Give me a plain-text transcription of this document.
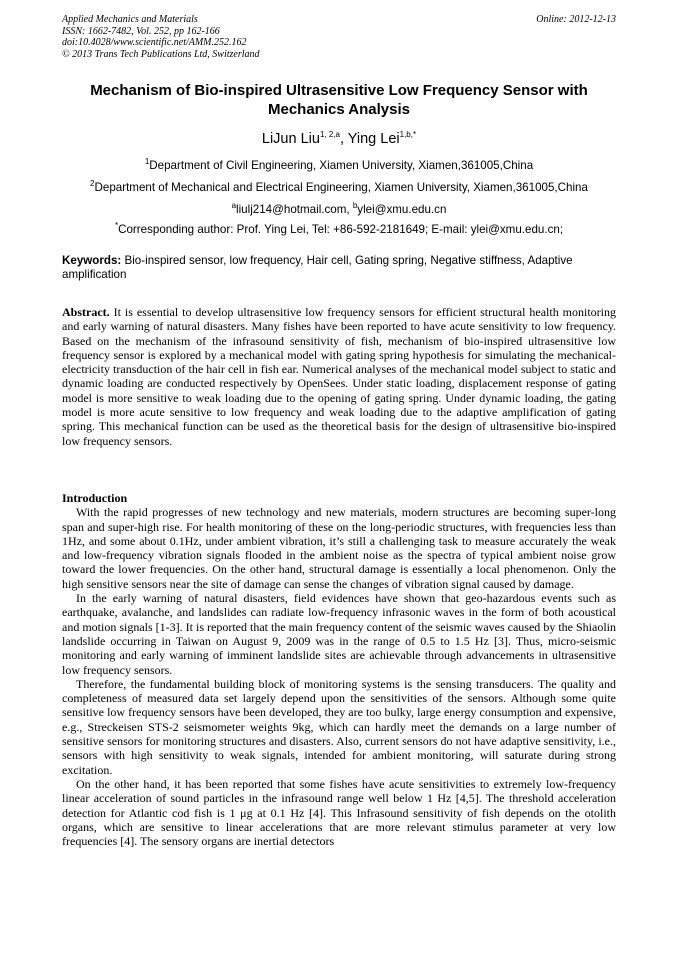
Applied Mechanics and Materials
ISSN: 1662-7482, Vol. 252, pp 162-166
doi:10.4028/www.scientific.net/AMM.252.162
© 2013 Trans Tech Publications Ltd, Switzerland
Online: 2012-12-13
Mechanism of Bio-inspired Ultrasensitive Low Frequency Sensor with Mechanics Analysis
LiJun Liu$^{1, 2,a}$, Ying Lei$^{1,b,*}$
$^1$Department of Civil Engineering, Xiamen University, Xiamen,361005,China
$^2$Department of Mechanical and Electrical Engineering, Xiamen University, Xiamen,361005,China
$^a$liulj214@hotmail.com, $^b$ylei@xmu.edu.cn
*Corresponding author: Prof. Ying Lei, Tel: +86-592-2181649; E-mail: ylei@xmu.edu.cn;
Keywords: Bio-inspired sensor, low frequency, Hair cell, Gating spring, Negative stiffness, Adaptive amplification

Abstract. It is essential to develop ultrasensitive low frequency sensors for efficient structural health monitoring and early warning of natural disasters. Many fishes have been reported to have acute sensitivity to low frequency. Based on the mechanism of the infrasound sensitivity of fish, mechanism of bio-inspired ultrasensitive low frequency sensor is explored by a mechanical model with gating spring hypothesis for simulating the mechanical-electricity transduction of the hair cell in fish ear. Numerical analyses of the mechanical model subject to static and dynamic loading are conducted respectively by OpenSees. Under static loading, displacement response of gating model is more sensitive to weak loading due to the opening of gating spring. Under dynamic loading, the gating model is more acute sensitive to low frequency and weak loading due to the adaptive amplification of gating spring. This mechanical function can be used as the theoretical basis for the design of ultrasensitive bio-inspired low frequency sensors.

Introduction

With the rapid progresses of new technology and new materials, modern structures are becoming super-long span and super-high rise. For health monitoring of these on the long-periodic structures, with frequencies less than 1Hz, and some about 0.1Hz, under ambient vibration, it’s still a challenging task to measure accurately the weak and low-frequency vibration signals flooded in the ambient noise as the spectra of typical ambient noise grow toward the lower frequencies. On the other hand, structural damage is essentially a local phenomenon. Only the high sensitive sensors near the site of damage can sense the changes of vibration signal caused by damage.

In the early warning of natural disasters, field evidences have shown that geo-hazardous events such as earthquake, avalanche, and landslides can radiate low-frequency infrasonic waves in the form of both acoustical and motion signals [1-3]. It is reported that the main frequency content of the seismic waves caused by the Shiaolin landslide occurring in Taiwan on August 9, 2009 was in the range of 0.5 to 1.5 Hz [3]. Thus, micro-seismic monitoring and early warning of imminent landslide sites are achievable through advancements in ultrasensitive low frequency sensors.

Therefore, the fundamental building block of monitoring systems is the sensing transducers. The quality and completeness of measured data set largely depend upon the sensitivities of the sensors. Although some quite sensitive low frequency sensors have been developed, they are too bulky, large energy consumption and expensive, e.g., Streckeisen STS-2 seismometer weights 9kg, which can hardly meet the demands on a large number of sensitive sensors for monitoring structures and disasters. Also, current sensors do not have adaptive sensitivity, i.e., sensors with high sensitivity to weak signals, intended for ambient monitoring, will saturate during strong excitation.

On the other hand, it has been reported that some fishes have acute sensitivities to extremely low-frequency linear acceleration of sound particles in the infrasound range well below 1 Hz [4,5]. The threshold acceleration detection for Atlantic cod fish is 1 μg at 0.1 Hz [4]. This Infrasound sensitivity of fish depends on the otolith organs, which are sensitive to linear accelerations that are more relevant stimulus parameter at very low frequencies [4]. The sensory organs are inertial detectors
